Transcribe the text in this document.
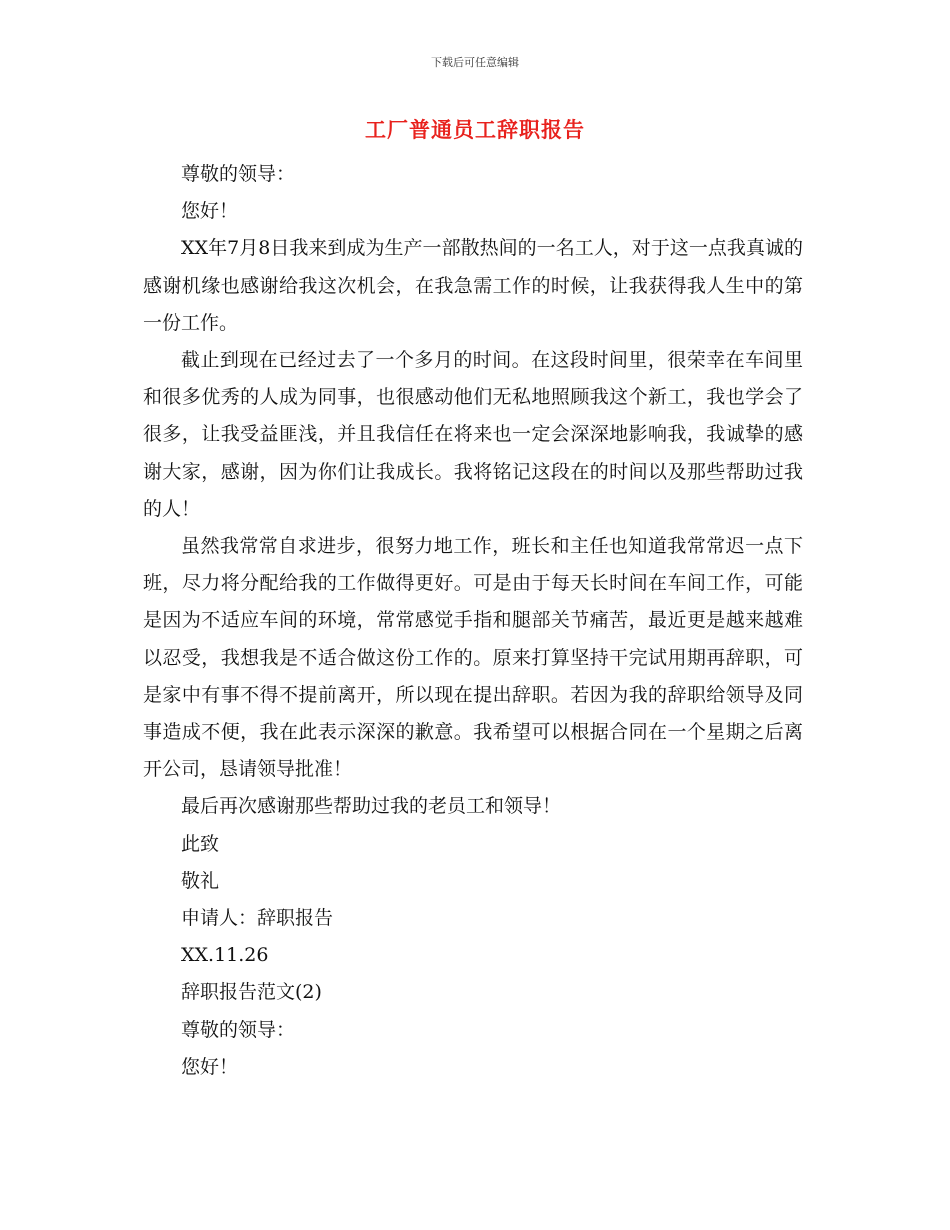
下载后可任意编辑
工厂普通员工辞职报告

尊敬的领导：

您好！

XX年7月8日我来到成为生产一部散热间的一名工人，对于这一点我真诚的感谢机缘也感谢给我这次机会，在我急需工作的时候，让我获得我人生中的第一份工作。

截止到现在已经过去了一个多月的时间。在这段时间里，很荣幸在车间里和很多优秀的人成为同事，也很感动他们无私地照顾我这个新工，我也学会了很多，让我受益匪浅，并且我信任在将来也一定会深深地影响我，我诚挚的感谢大家，感谢，因为你们让我成长。我将铭记这段在的时间以及那些帮助过我的人！

虽然我常常自求进步，很努力地工作，班长和主任也知道我常常迟一点下班，尽力将分配给我的工作做得更好。可是由于每天长时间在车间工作，可能是因为不适应车间的环境，常常感觉手指和腿部关节痛苦，最近更是越来越难以忍受，我想我是不适合做这份工作的。原来打算坚持干完试用期再辞职，可是家中有事不得不提前离开，所以现在提出辞职。若因为我的辞职给领导及同事造成不便，我在此表示深深的歉意。我希望可以根据合同在一个星期之后离开公司，恳请领导批准！

最后再次感谢那些帮助过我的老员工和领导！

此致

敬礼

申请人：辞职报告

XX.11.26

辞职报告范文(2)

尊敬的领导：

您好！
